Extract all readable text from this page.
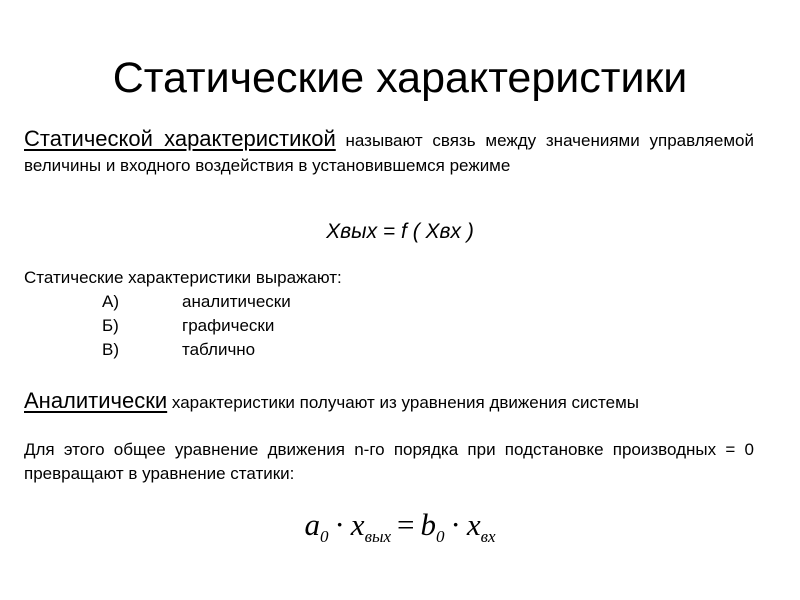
Статические характеристики

Статической характеристикой называют связь между значениями управляемой величины и входного воздействия в установившемся режиме

Xвых = f ( Xвх )

Статические характеристики выражают:

А)	аналитически
Б)	графически
В)	таблично

Аналитически характеристики получают из уравнения движения системы

Для этого общее уравнение движения n-го порядка при подстановке производных = 0 превращают в уравнение статики:

$a_0 \cdot x_{вых} = b_0 \cdot x_{вх}$
